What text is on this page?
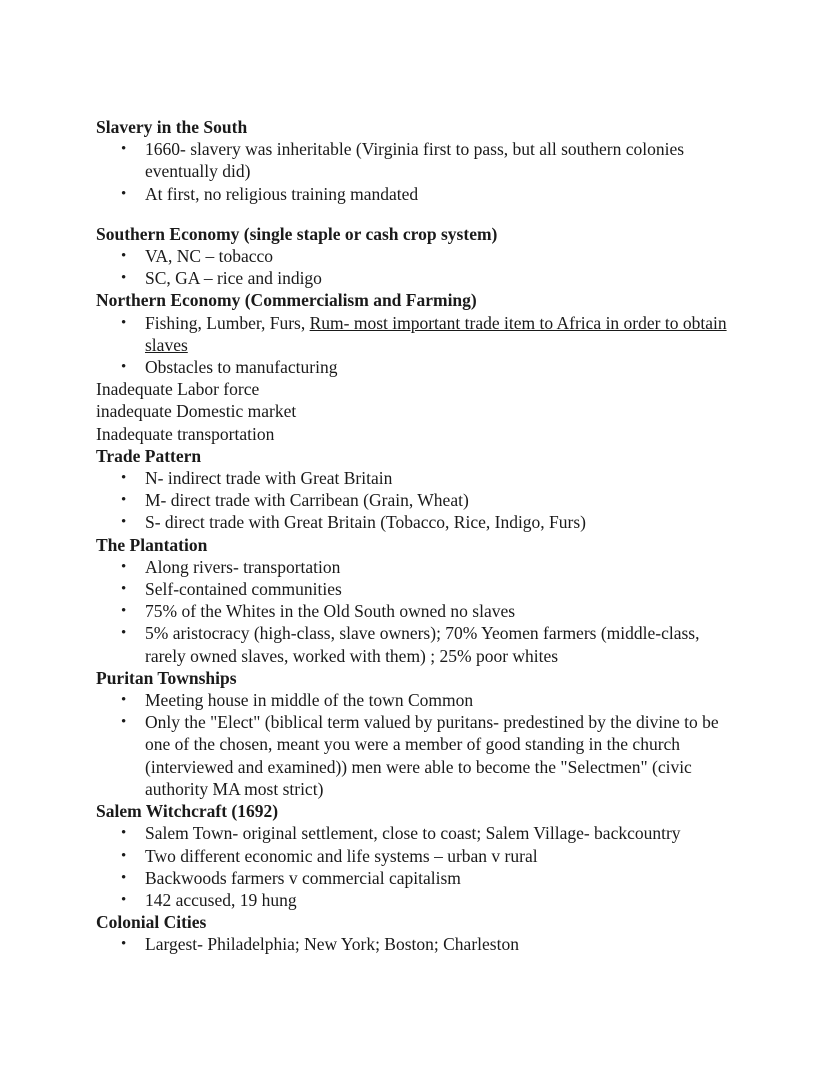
Slavery in the South
• 1660- slavery was inheritable (Virginia first to pass, but all southern colonies eventually did)
• At first, no religious training mandated
Southern Economy (single staple or cash crop system)
• VA, NC – tobacco
• SC, GA – rice and indigo
Northern Economy (Commercialism and Farming)
• Fishing, Lumber, Furs, Rum- most important trade item to Africa in order to obtain slaves
• Obstacles to manufacturing
Inadequate Labor force
inadequate Domestic market
Inadequate transportation
Trade Pattern
• N- indirect trade with Great Britain
• M- direct trade with Carribean (Grain, Wheat)
• S- direct trade with Great Britain (Tobacco, Rice, Indigo, Furs)
The Plantation
• Along rivers- transportation
• Self-contained communities
• 75% of the Whites in the Old South owned no slaves
• 5% aristocracy (high-class, slave owners); 70% Yeomen farmers (middle-class, rarely owned slaves, worked with them) ; 25% poor whites
Puritan Townships
• Meeting house in middle of the town Common
• Only the "Elect" (biblical term valued by puritans- predestined by the divine to be one of the chosen, meant you were a member of good standing in the church (interviewed and examined)) men were able to become the "Selectmen" (civic authority MA most strict)
Salem Witchcraft (1692)
• Salem Town- original settlement, close to coast; Salem Village- backcountry
• Two different economic and life systems – urban v rural
• Backwoods farmers v commercial capitalism
• 142 accused, 19 hung
Colonial Cities
• Largest- Philadelphia; New York; Boston; Charleston
